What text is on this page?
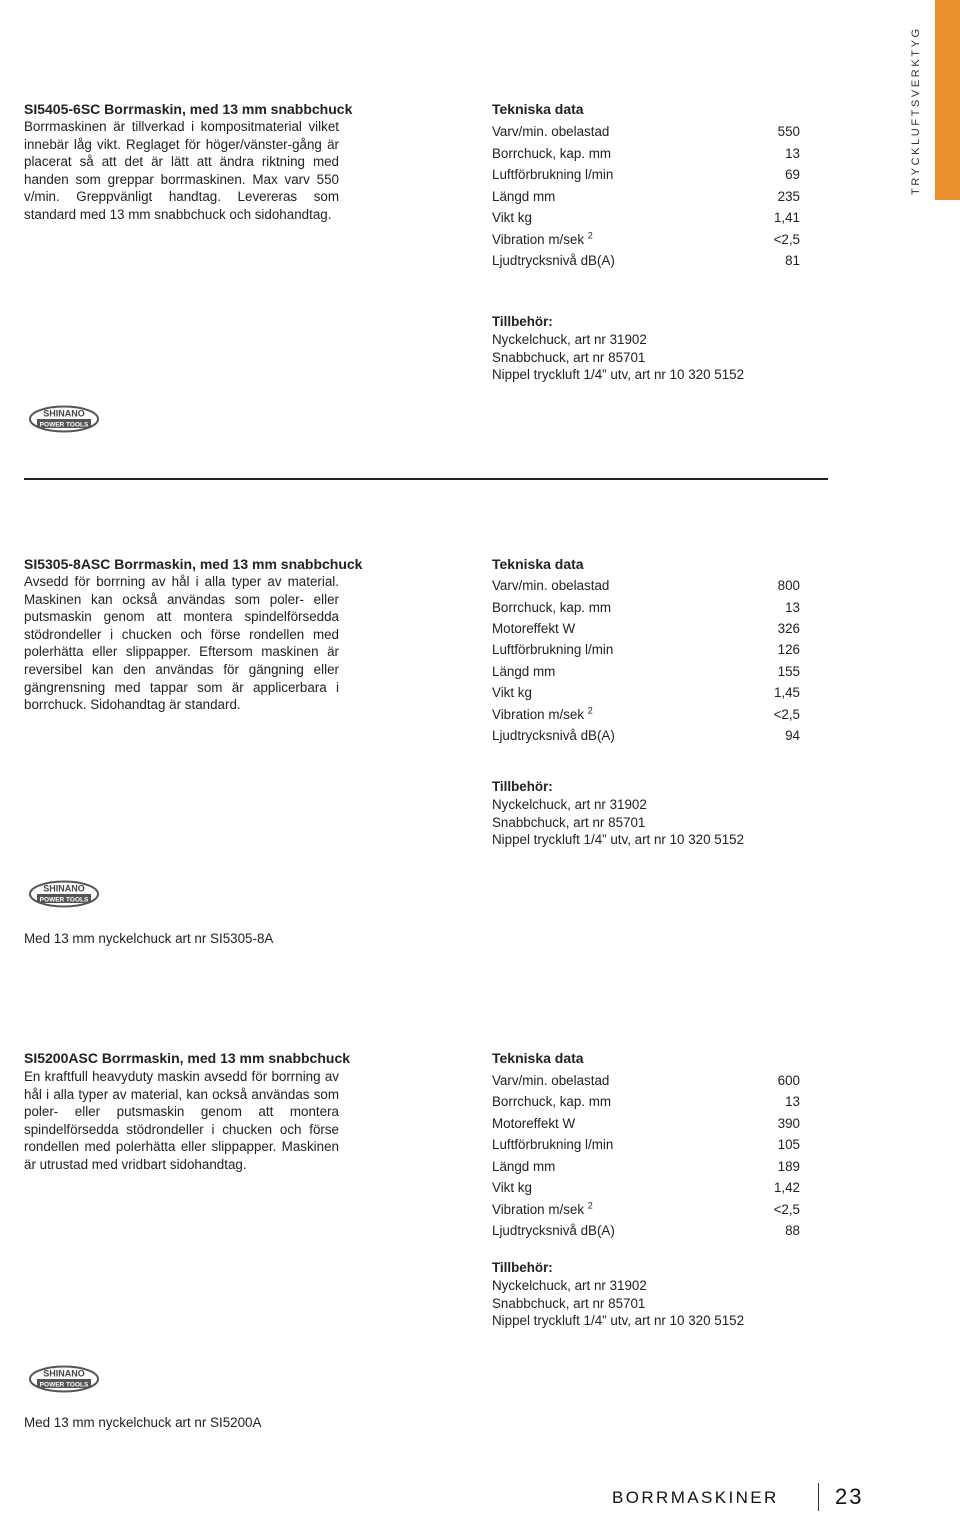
TRYCKLUFTSVERKTYG
SI5405-6SC Borrmaskin, med 13 mm snabbchuck
Borrmaskinen är tillverkad i kompositmaterial vilket innebär låg vikt. Reglaget för höger/vänster-gång är placerat så att det är lätt att ändra riktning med handen som greppar borrmaskinen. Max varv 550 v/min. Greppvänligt handtag. Levereras som standard med 13 mm snabbchuck och sidohandtag.
Tekniska data
Varv/min. obelastad	550
Borrchuck, kap. mm	13
Luftförbrukning l/min	69
Längd mm	235
Vikt kg	1,41
Vibration m/sek $^2$	<2,5
Ljudtrycksnivå dB(A)	81
Tillbehör:
Nyckelchuck, art nr 31902
Snabbchuck, art nr 85701
Nippel tryckluft 1/4” utv, art nr 10 320 5152
SHINANO
POWER TOOLS
SI5305-8ASC Borrmaskin, med 13 mm snabbchuck
Avsedd för borrning av hål i alla typer av material. Maskinen kan också användas som poler- eller putsmaskin genom att montera spindelförsedda stödrondeller i chucken och förse rondellen med polerhätta eller slippapper. Eftersom maskinen är reversibel kan den användas för gängning eller gängrensning med tappar som är applicerbara i borrchuck. Sidohandtag är standard.
Tekniska data
Varv/min. obelastad	800
Borrchuck, kap. mm	13
Motoreffekt W	326
Luftförbrukning l/min	126
Längd mm	155
Vikt kg	1,45
Vibration m/sek $^2$	<2,5
Ljudtrycksnivå dB(A)	94
Tillbehör:
Nyckelchuck, art nr 31902
Snabbchuck, art nr 85701
Nippel tryckluft 1/4” utv, art nr 10 320 5152
SHINANO
POWER TOOLS
Med 13 mm nyckelchuck art nr SI5305-8A
SI5200ASC Borrmaskin, med 13 mm snabbchuck
En kraftfull heavyduty maskin avsedd för borrning av hål i alla typer av material, kan också användas som poler- eller putsmaskin genom att montera spindelförsedda stödrondeller i chucken och förse rondellen med polerhätta eller slippapper. Maskinen är utrustad med vridbart sidohandtag.
Tekniska data
Varv/min. obelastad	600
Borrchuck, kap. mm	13
Motoreffekt W	390
Luftförbrukning l/min	105
Längd mm	189
Vikt kg	1,42
Vibration m/sek $^2$	<2,5
Ljudtrycksnivå dB(A)	88
Tillbehör:
Nyckelchuck, art nr 31902
Snabbchuck, art nr 85701
Nippel tryckluft 1/4” utv, art nr 10 320 5152
SHINANO
POWER TOOLS
Med 13 mm nyckelchuck art nr SI5200A
BORRMASKINER	23
